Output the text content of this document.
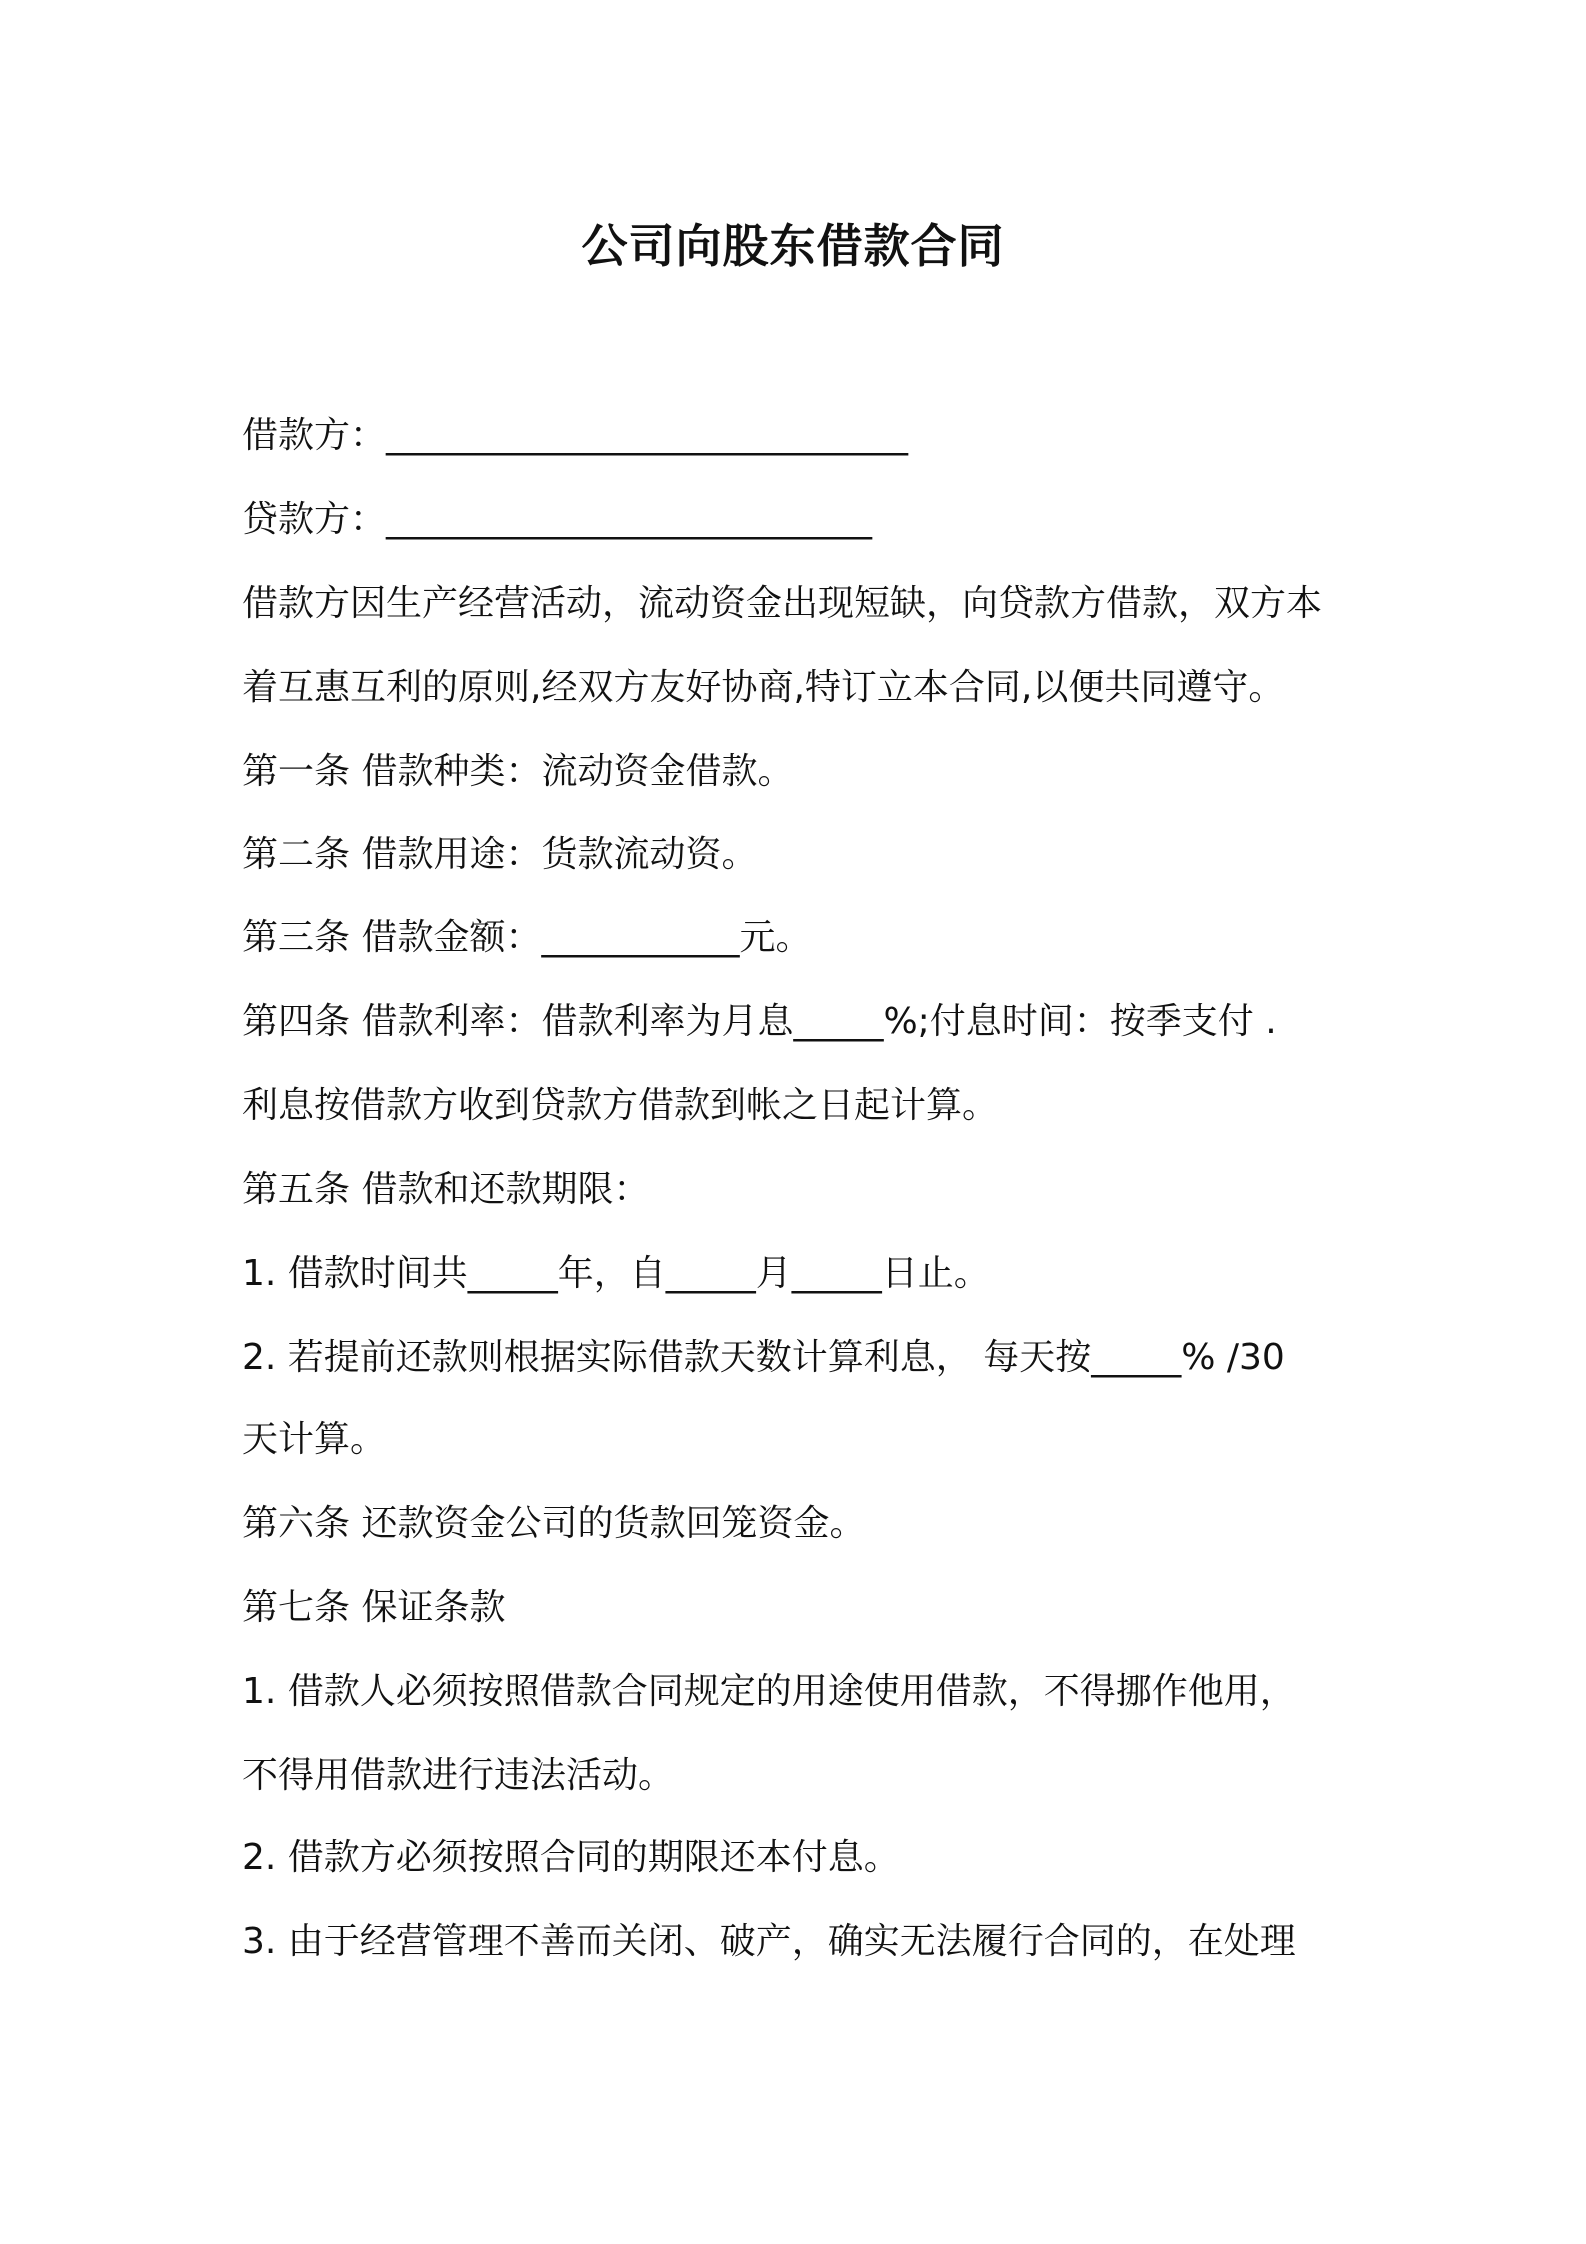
公司向股东借款合同
借款方：_____________________________
贷款方：___________________________
借款方因生产经营活动，流动资金出现短缺，向贷款方借款，双方本
着互惠互利的原则,经双方友好协商,特订立本合同,以便共同遵守。
第一条 借款种类：流动资金借款。
第二条 借款用途：货款流动资。
第三条 借款金额：___________元。
第四条 借款利率：借款利率为月息_____%;付息时间：按季支付 .
利息按借款方收到贷款方借款到帐之日起计算。
第五条 借款和还款期限：
1. 借款时间共_____年，自_____月_____日止。
2. 若提前还款则根据实际借款天数计算利息， 每天按_____% /30
天计算。
第六条 还款资金公司的货款回笼资金。
第七条 保证条款
1. 借款人必须按照借款合同规定的用途使用借款，不得挪作他用，
不得用借款进行违法活动。
2. 借款方必须按照合同的期限还本付息。
3. 由于经营管理不善而关闭、破产，确实无法履行合同的，在处理
